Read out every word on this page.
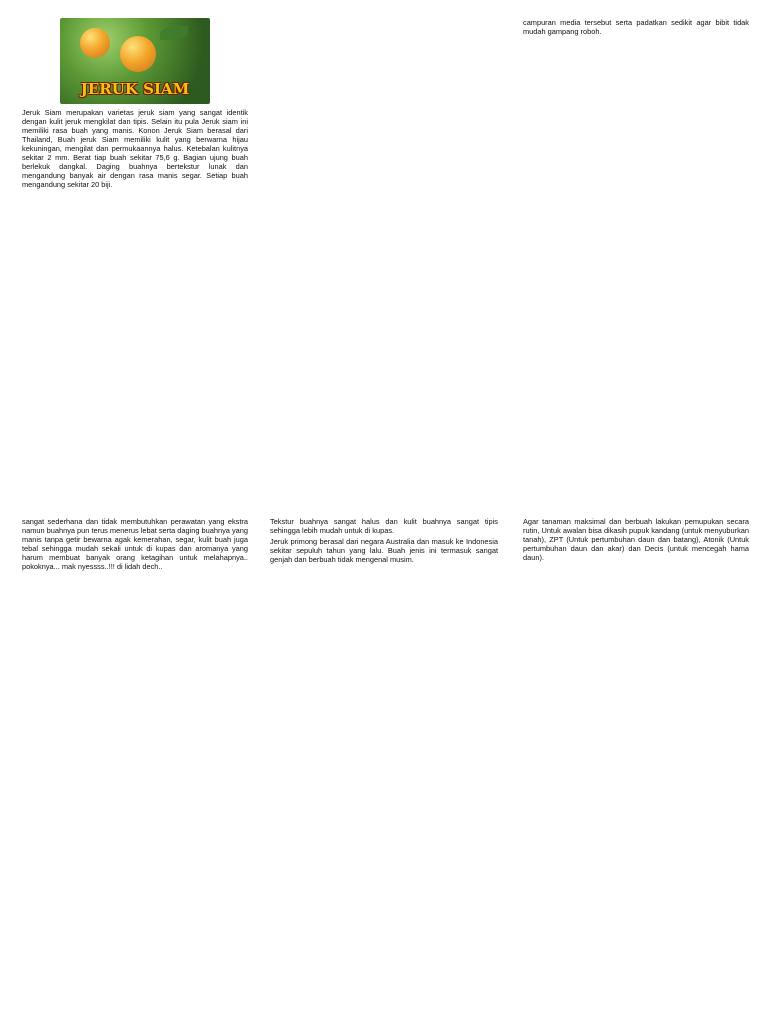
JERUK SIAM

Jeruk Siam merupakan varietas jeruk siam yang sangat identik dengan kulit jeruk mengkilat dan tipis. Selain itu pula Jeruk siam ini memiliki rasa buah yang manis. Konon Jeruk Siam berasal dari Thailand, Buah jeruk Siam memiliki kulit yang berwarna hijau kekuningan, mengilat dan permukaannya halus. Ketebalan kulitnya sekitar 2 mm. Berat tiap buah sekitar 75,6 g. Bagian ujung buah berlekuk dangkal. Daging buahnya bertekstur lunak dan mengandung banyak air dengan rasa manis segar. Setiap buah mengandung sekitar 20 biji.

campuran media tersebut serta padatkan sedikit agar bibit tidak mudah gampang roboh.

sangat sederhana dan tidak membutuhkan perawatan yang ekstra namun buahnya pun terus menerus lebat serta daging buahnya yang manis tanpa getir bewarna agak kemerahan, segar, kulit buah juga tebal sehingga mudah sekali untuk di kupas dan aromanya yang harum membuat banyak orang ketagihan untuk melahapnya.. pokoknya... mak nyessss..!!! di lidah dech..

Tekstur buahnya sangat halus dan kulit buahnya sangat tipis sehingga lebih mudah untuk di kupas.

Jeruk primong berasal dari negara Australia dan masuk ke Indonesia sekitar sepuluh tahun yang lalu. Buah jenis ini termasuk sangat genjah dan berbuah tidak mengenal musim.

Agar tanaman maksimal dan berbuah lakukan pemupukan secara rutin, Untuk awalan bisa dikasih pupuk kandang (untuk menyuburkan tanah), ZPT (Untuk pertumbuhan daun dan batang), Atonik (Untuk pertumbuhan daun dan akar) dan Decis (untuk mencegah hama daun).
